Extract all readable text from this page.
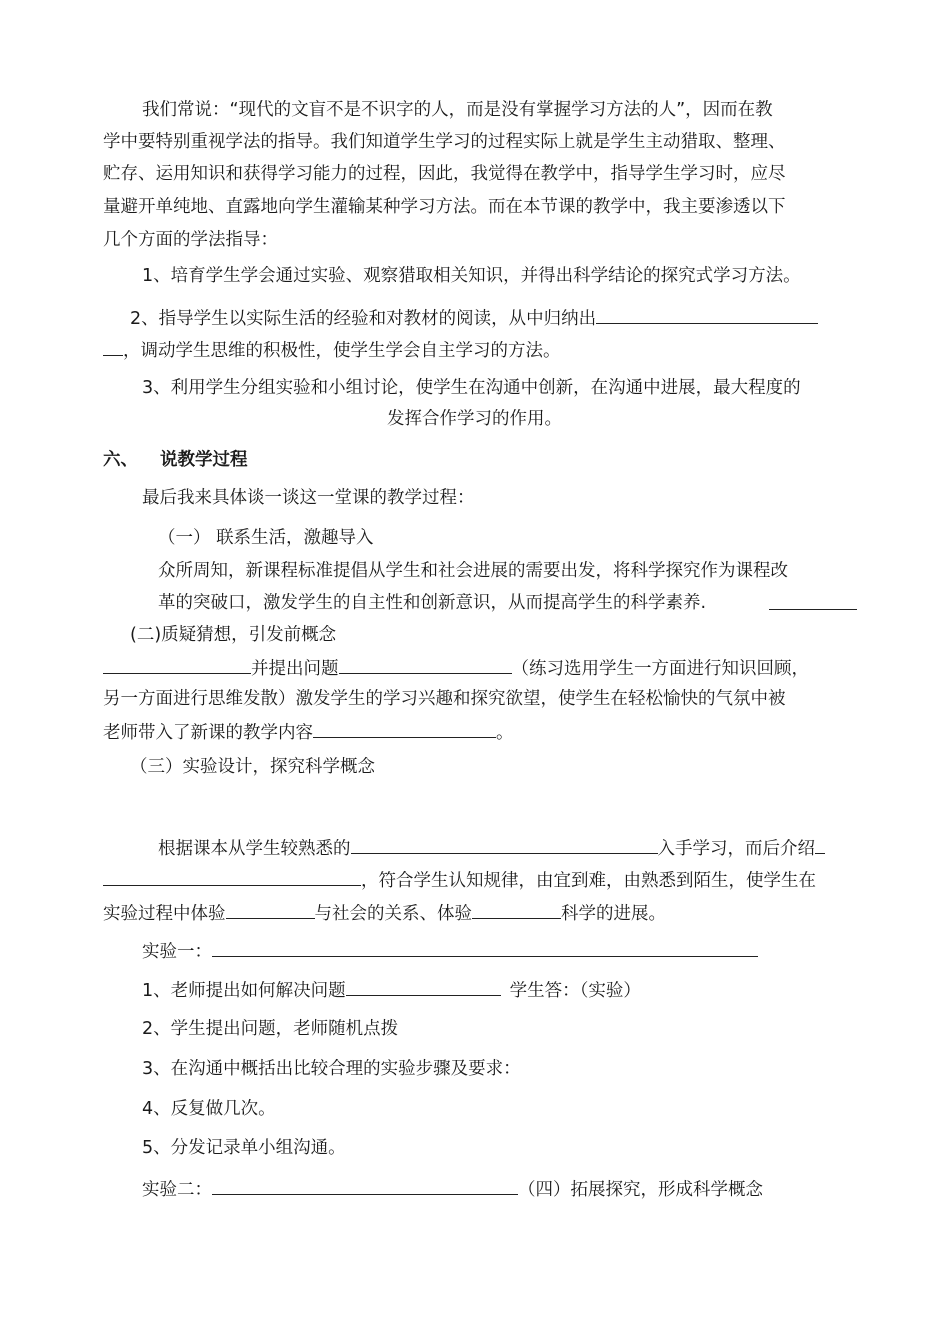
我们常说：“现代的文盲不是不识字的人，而是没有掌握学习方法的人”，因而在教
学中要特别重视学法的指导。我们知道学生学习的过程实际上就是学生主动猎取、整理、
贮存、运用知识和获得学习能力的过程，因此，我觉得在教学中，指导学生学习时，应尽
量避开单纯地、直露地向学生灌输某种学习方法。而在本节课的教学中，我主要渗透以下
几个方面的学法指导：
1、培育学生学会通过实验、观察猎取相关知识，并得出科学结论的探究式学习方法。
2、指导学生以实际生活的经验和对教材的阅读，从中归纳出
，调动学生思维的积极性，使学生学会自主学习的方法。
3、利用学生分组实验和小组讨论，使学生在沟通中创新，在沟通中进展，最大程度的
发挥合作学习的作用。
六、 说教学过程
最后我来具体谈一谈这一堂课的教学过程：
（一） 联系生活，激趣导入
众所周知，新课程标准提倡从学生和社会进展的需要出发，将科学探究作为课程改
革的突破口，激发学生的自主性和创新意识，从而提高学生的科学素养.
(二)质疑猜想，引发前概念
并提出问题	（练习选用学生一方面进行知识回顾，
另一方面进行思维发散）激发学生的学习兴趣和探究欲望，使学生在轻松愉快的气氛中被
老师带入了新课的教学内容	。
（三）实验设计，探究科学概念
根据课本从学生较熟悉的	入手学习，而后介绍
，符合学生认知规律，由宜到难，由熟悉到陌生，使学生在
实验过程中体验	与社会的关系、体验	科学的进展。
实验一：
1、老师提出如何解决问题	学生答：（实验）
2、学生提出问题，老师随机点拨
3、在沟通中概括出比较合理的实验步骤及要求：
4、反复做几次。
5、分发记录单小组沟通。
实验二：	（四）拓展探究，形成科学概念
